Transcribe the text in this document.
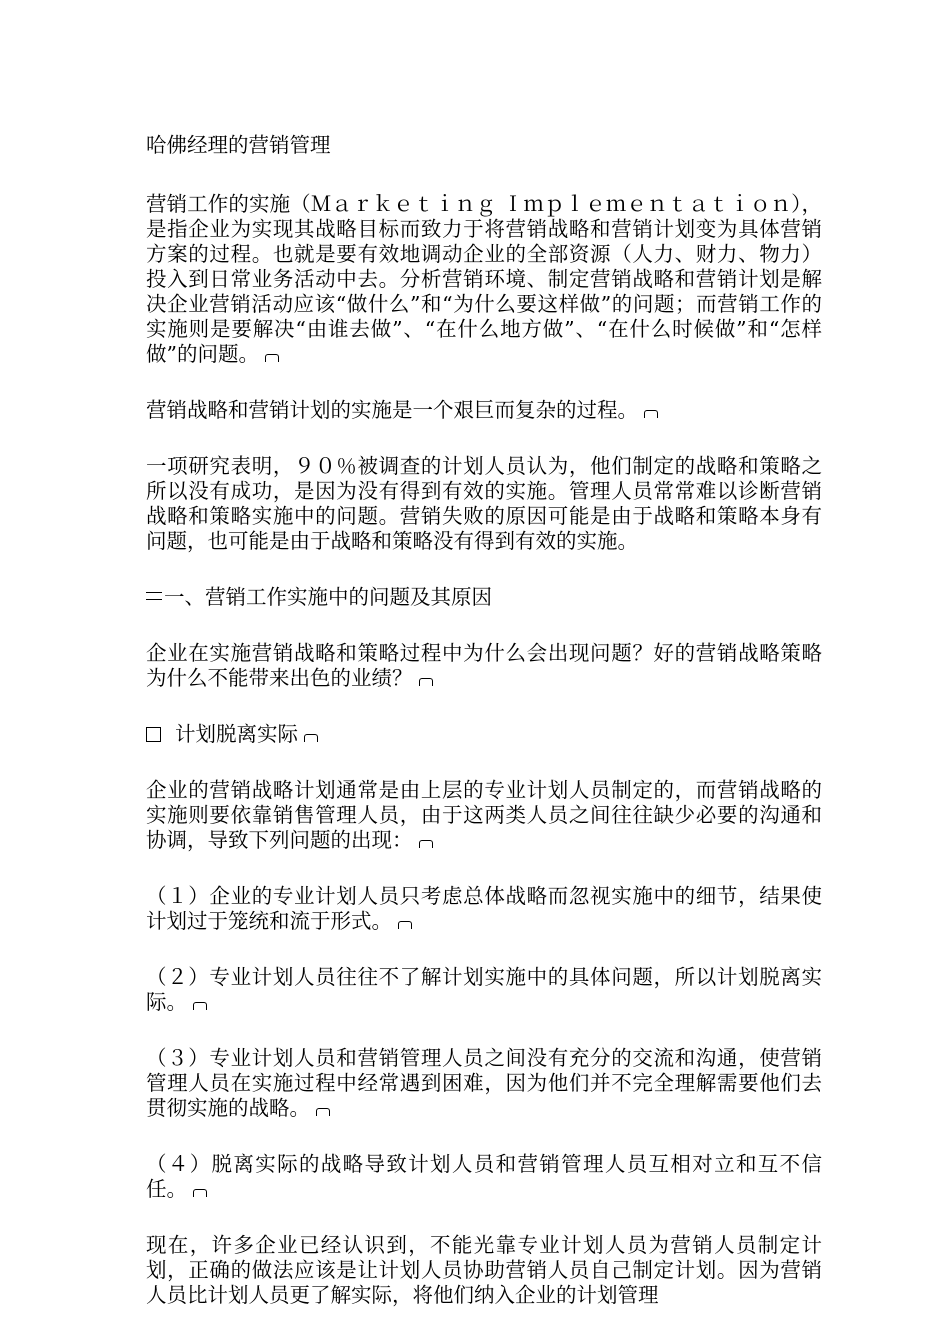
哈佛经理的营销管理

营销工作的实施（Ｍａｒｋｅｔｉｎｇ Ｉｍｐｌｅｍｅｎｔａｔｉｏｎ），是指企业为实现其战略目标而致力于将营销战略和营销计划变为具体营销方案的过程。也就是要有效地调动企业的全部资源（人力、财力、物力）投入到日常业务活动中去。分析营销环境、制定营销战略和营销计划是解决企业营销活动应该“做什么”和“为什么要这样做”的问题；而营销工作的实施则是要解决“由谁去做”、“在什么地方做”、“在什么时候做”和“怎样做”的问题。

营销战略和营销计划的实施是一个艰巨而复杂的过程。

一项研究表明，９０％被调查的计划人员认为，他们制定的战略和策略之所以没有成功，是因为没有得到有效的实施。管理人员常常难以诊断营销战略和策略实施中的问题。营销失败的原因可能是由于战略和策略本身有问题，也可能是由于战略和策略没有得到有效的实施。

一、营销工作实施中的问题及其原因

企业在实施营销战略和策略过程中为什么会出现问题？好的营销战略策略为什么不能带来出色的业绩？

计划脱离实际

企业的营销战略计划通常是由上层的专业计划人员制定的，而营销战略的实施则要依靠销售管理人员，由于这两类人员之间往往缺少必要的沟通和协调，导致下列问题的出现：

（１）企业的专业计划人员只考虑总体战略而忽视实施中的细节，结果使计划过于笼统和流于形式。

（２）专业计划人员往往不了解计划实施中的具体问题，所以计划脱离实际。

（３）专业计划人员和营销管理人员之间没有充分的交流和沟通，使营销管理人员在实施过程中经常遇到困难，因为他们并不完全理解需要他们去贯彻实施的战略。

（４）脱离实际的战略导致计划人员和营销管理人员互相对立和互不信任。

现在，许多企业已经认识到，不能光靠专业计划人员为营销人员制定计划，正确的做法应该是让计划人员协助营销人员自己制定计划。因为营销人员比计划人员更了解实际，将他们纳入企业的计划管理
